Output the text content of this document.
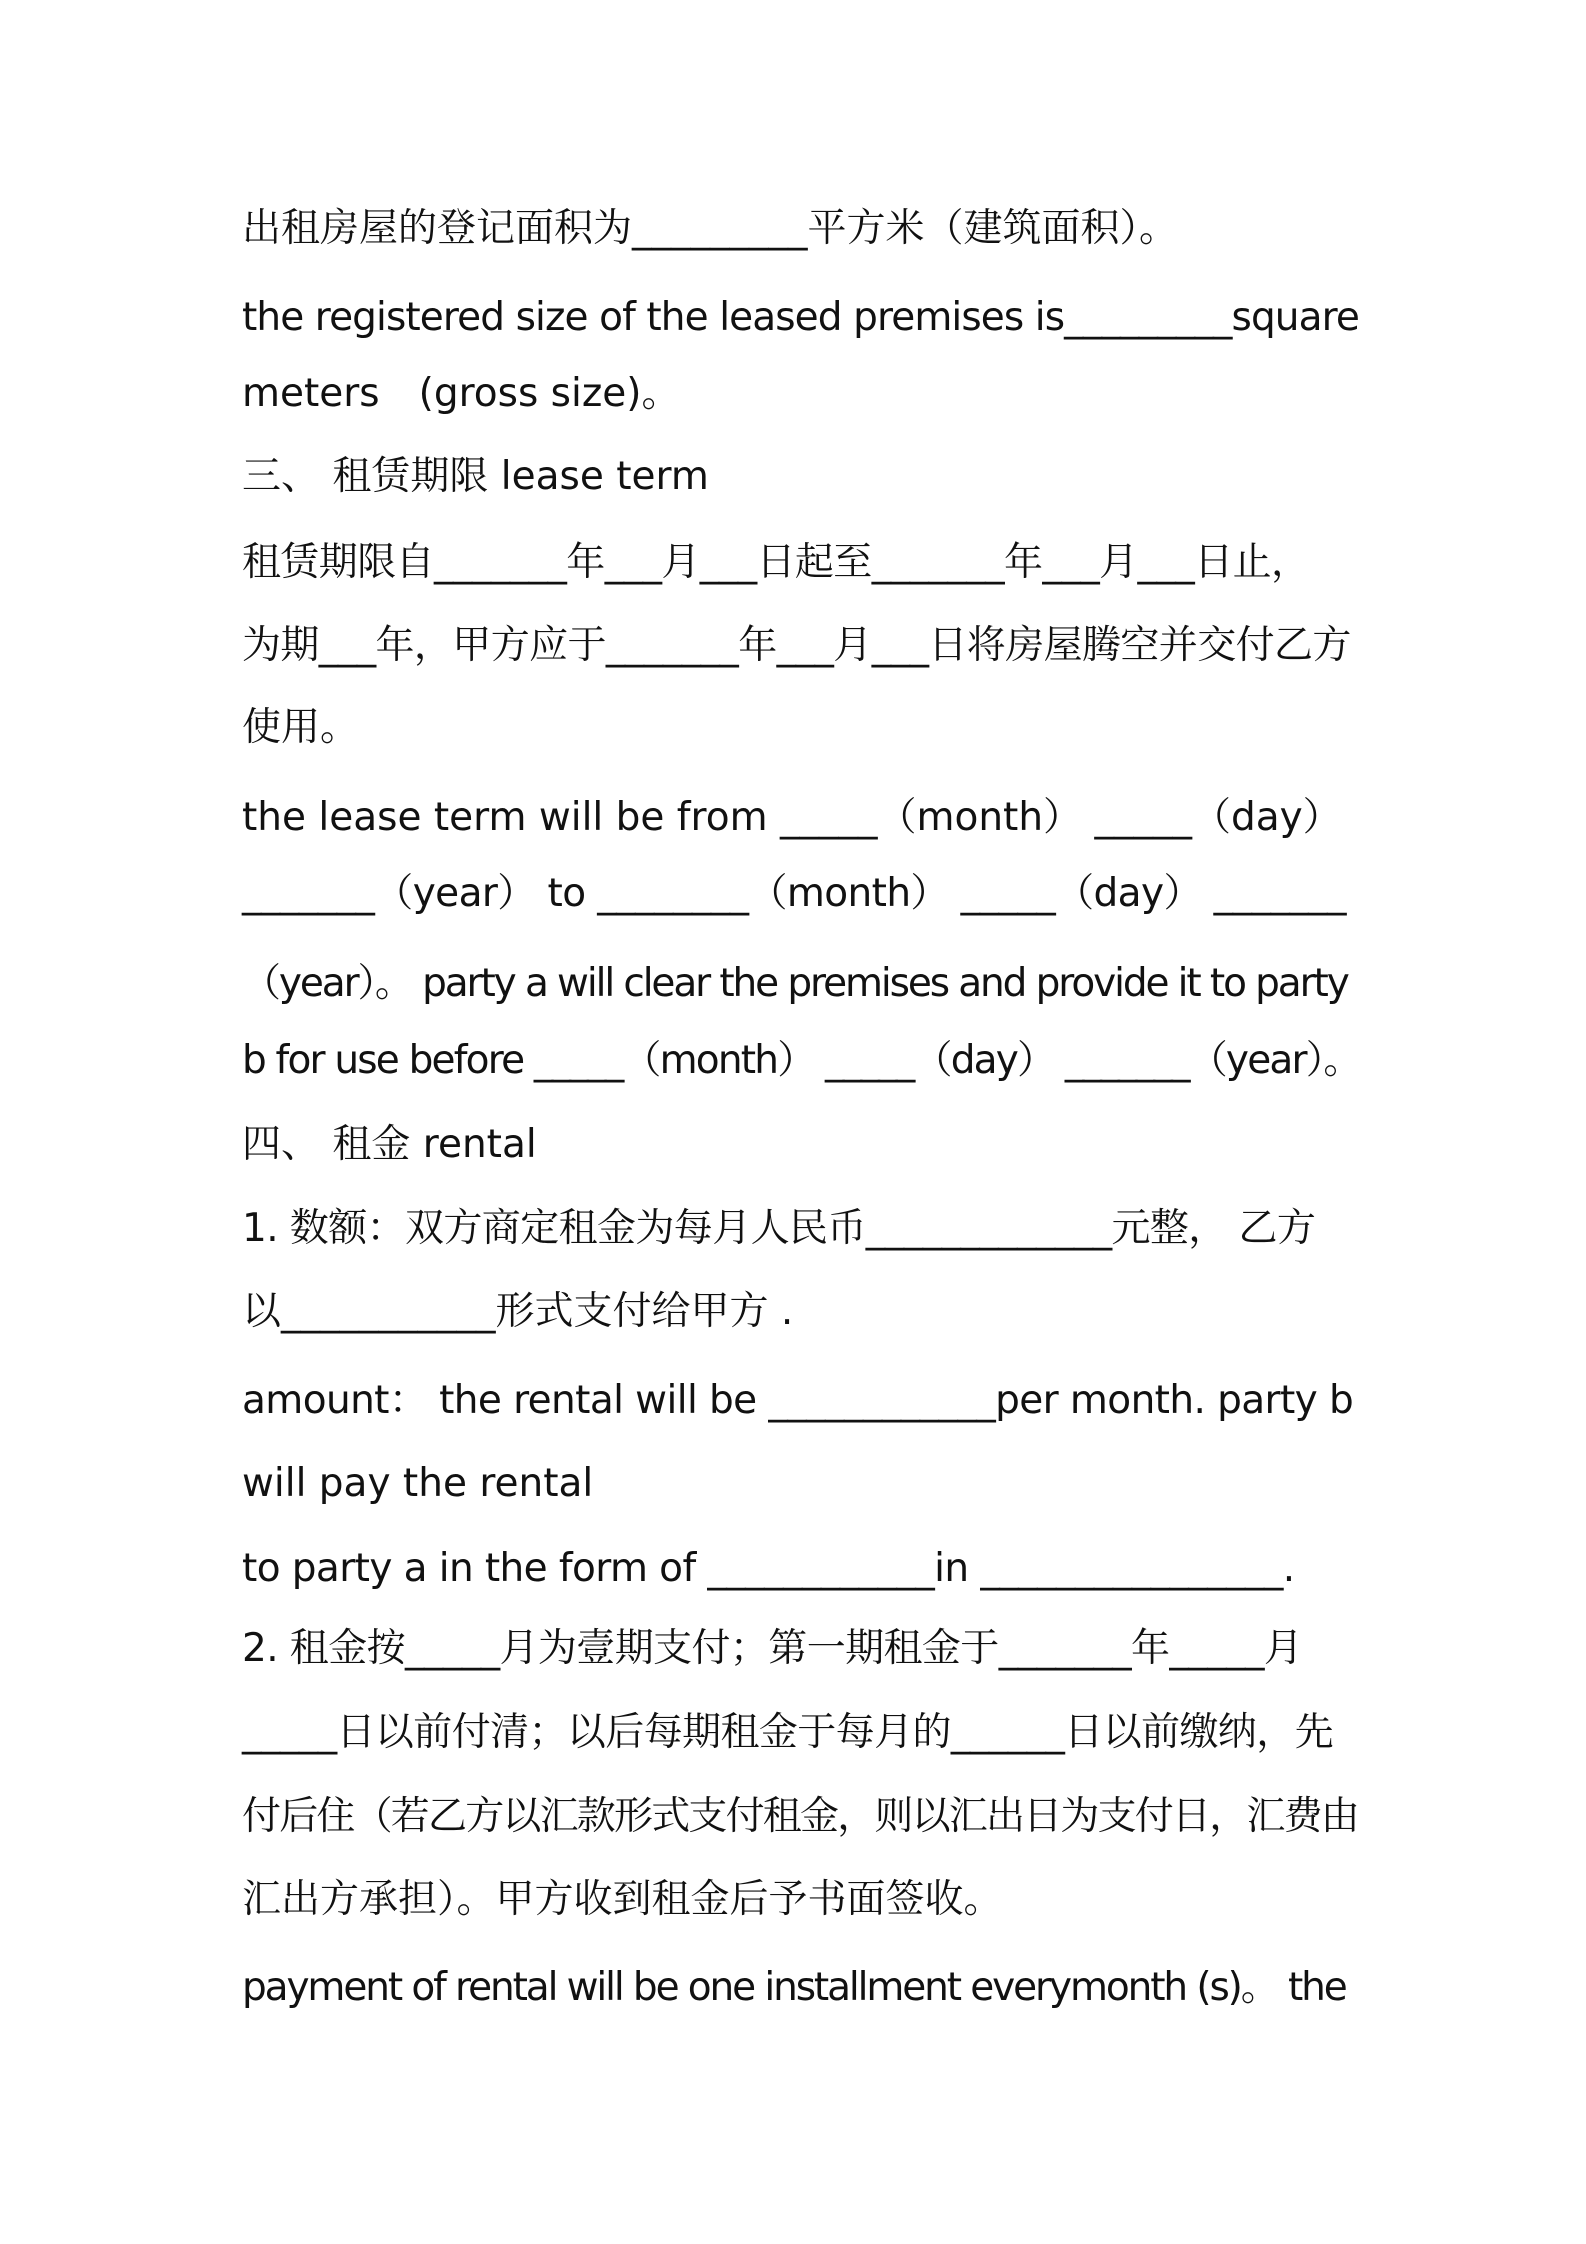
出租房屋的登记面积为_________平方米（建筑面积）。
the registered size of the leased premises is_________square
meters　(gross size)。
三、 租赁期限 lease term
租赁期限自_______年___月___日起至_______年___月___日止，
为期___年，甲方应于_______年___月___日将房屋腾空并交付乙方
使用。
the lease term will be from _____（month） _____（day）
_______（year） to ________（month） _____（day） _______
（year）。 party a will clear the premises and provide it to party
b for use before _____（month） _____（day） _______（year）。
四、 租金 rental
1. 数额：双方商定租金为每月人民币_____________元整， 乙方
以___________形式支付给甲方 .
amount： the rental will be ____________per month. party b
will pay the rental
to party a in the form of ____________in ________________.
2. 租金按_____月为壹期支付；第一期租金于_______年_____月
_____日以前付清；以后每期租金于每月的______日以前缴纳，先
付后住（若乙方以汇款形式支付租金，则以汇出日为支付日，汇费由
汇出方承担）。甲方收到租金后予书面签收。
payment of rental will be one installment everymonth (s)。 the
